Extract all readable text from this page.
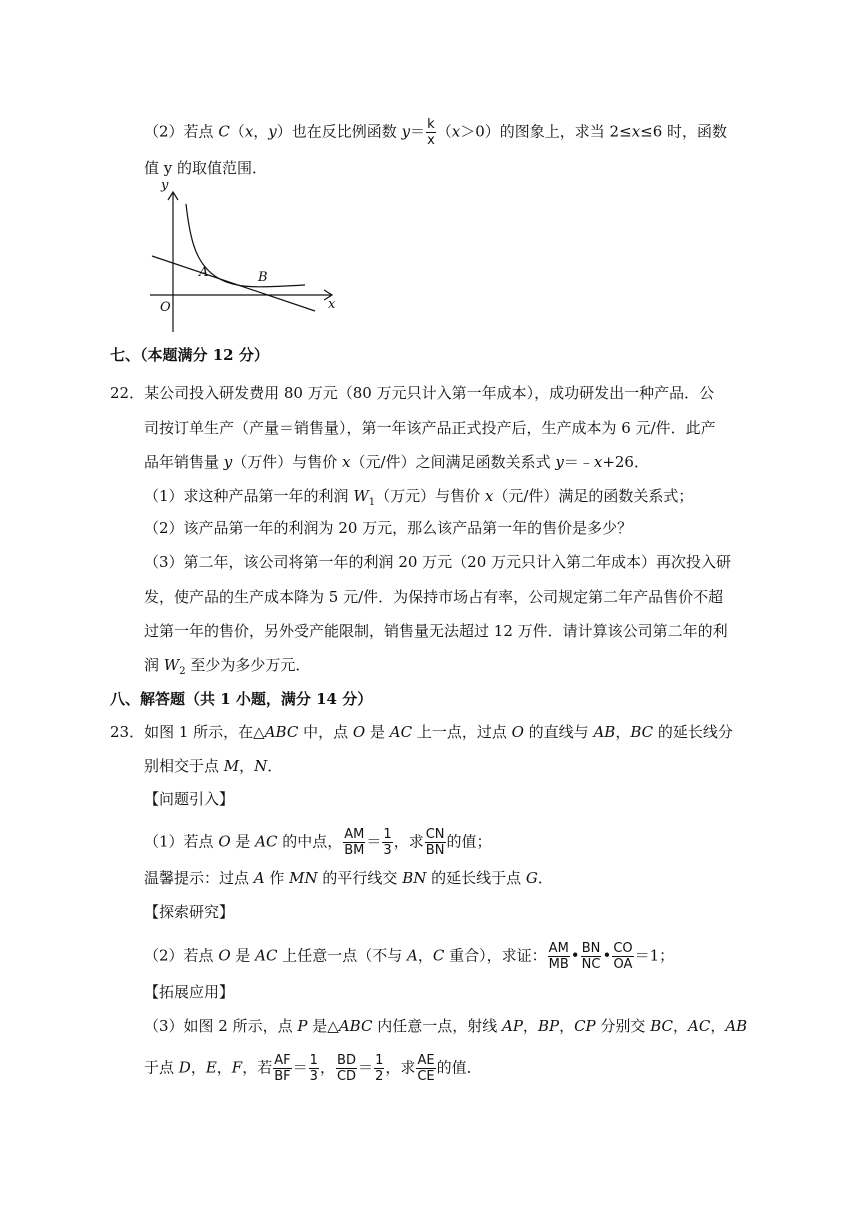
（2）若点 C（x，y）也在反比例函数 $y= \frac{k}{x} (x>0)$的图象上，求当 2≤x≤6 时，函数
值 y 的取值范围．
y
x
O
A	B
七、（本题满分 12 分）
22．某公司投入研发费用 80 万元（80 万元只计入第一年成本），成功研发出一种产品．公
司按订单生产（产量＝销售量），第一年该产品正式投产后，生产成本为 6 元/件．此产
品年销售量 y（万件）与售价 x（元/件）之间满足函数关系式 y＝﹣x+26．
（1）求这种产品第一年的利润 $W_1$（万元）与售价 x（元/件）满足的函数关系式；
（2）该产品第一年的利润为 20 万元，那么该产品第一年的售价是多少？
（3）第二年，该公司将第一年的利润 20 万元（20 万元只计入第二年成本）再次投入研
发，使产品的生产成本降为 5 元/件．为保持市场占有率，公司规定第二年产品售价不超
过第一年的售价，另外受产能限制，销售量无法超过 12 万件．请计算该公司第二年的利
润 $W_2$ 至少为多少万元．
八、解答题（共 1 小题，满分 14 分）
23．如图 1 所示，在△ABC 中，点 O 是 AC 上一点，过点 O 的直线与 AB，BC 的延长线分
别相交于点 M，N．
【问题引入】
（1）若点 O 是 AC 的中点， $\frac{AM}{BM} = \frac{1}{3}$ ，求 $\frac{CN}{BN}$ 的值；
温馨提示：过点 A 作 MN 的平行线交 BN 的延长线于点 G．
【探索研究】
（2）若点 O 是 AC 上任意一点（不与 A，C 重合），求证： $\frac{AM}{MB}$ • $\frac{BN}{NC}$ • $\frac{CO}{OA} =1$；
【拓展应用】
（3）如图 2 所示，点 P 是△ABC 内任意一点，射线 AP，BP，CP 分别交 BC，AC，AB
于点 D，E，F，若 $\frac{AF}{BF} = \frac{1}{3}$ ， $\frac{BD}{CD} = \frac{1}{2}$ ，求 $\frac{AE}{CE}$ 的值．
